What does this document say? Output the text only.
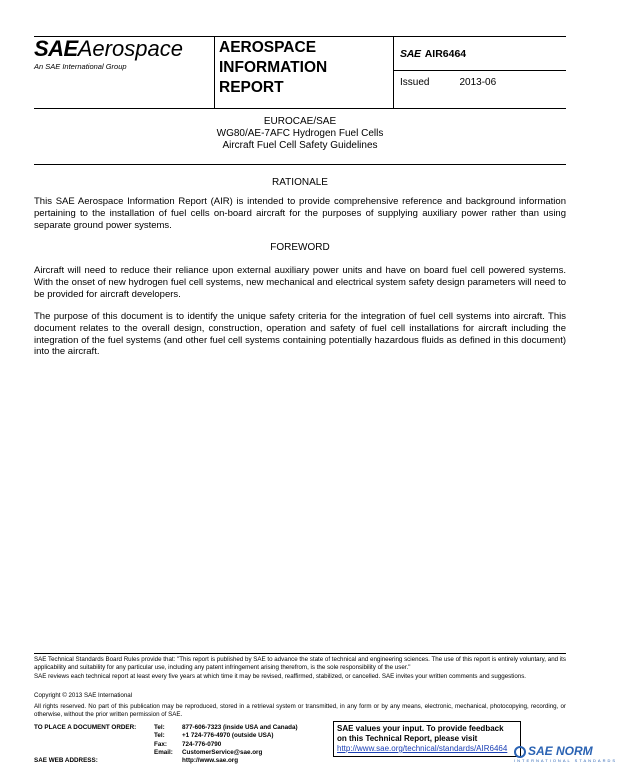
SAEAerospace
An SAE International Group
AEROSPACE
INFORMATION
REPORT
SAE AIR6464
Issued	2013-06
EUROCAE/SAE
WG80/AE-7AFC Hydrogen Fuel Cells
Aircraft Fuel Cell Safety Guidelines
RATIONALE
This SAE Aerospace Information Report (AIR) is intended to provide comprehensive reference and background information pertaining to the installation of fuel cells on-board aircraft for the purposes of supplying auxiliary power rather than using separate ground power systems.
FOREWORD
Aircraft will need to reduce their reliance upon external auxiliary power units and have on board fuel cell powered systems. With the onset of new hydrogen fuel cell systems, new mechanical and electrical system safety design parameters will need to be provided for aircraft developers.
The purpose of this document is to identify the unique safety criteria for the integration of fuel cell systems into aircraft. This document relates to the overall design, construction, operation and safety of fuel cell installations for aircraft including the integration of the fuel systems (and other fuel cell systems containing potentially hazardous fluids as defined in this document) into the aircraft.
SAE Technical Standards Board Rules provide that: "This report is published by SAE to advance the state of technical and engineering sciences. The use of this report is entirely voluntary, and its applicability and suitability for any particular use, including any patent infringement arising therefrom, is the sole responsibility of the user."
SAE reviews each technical report at least every five years at which time it may be revised, reaffirmed, stabilized, or cancelled. SAE invites your written comments and suggestions.
Copyright © 2013 SAE International
All rights reserved. No part of this publication may be reproduced, stored in a retrieval system or transmitted, in any form or by any means, electronic, mechanical, photocopying, recording, or otherwise, without the prior written permission of SAE.
TO PLACE A DOCUMENT ORDER:	Tel:	877-606-7323 (inside USA and Canada)
	Tel:	+1 724-776-4970 (outside USA)
	Fax:	724-776-0790
	Email:	CustomerService@sae.org
SAE WEB ADDRESS:		http://www.sae.org
SAE values your input. To provide feedback
on this Technical Report, please visit
http://www.sae.org/technical/standards/AIR6464	SAE NORM
INTERNATIONAL STANDARDS
